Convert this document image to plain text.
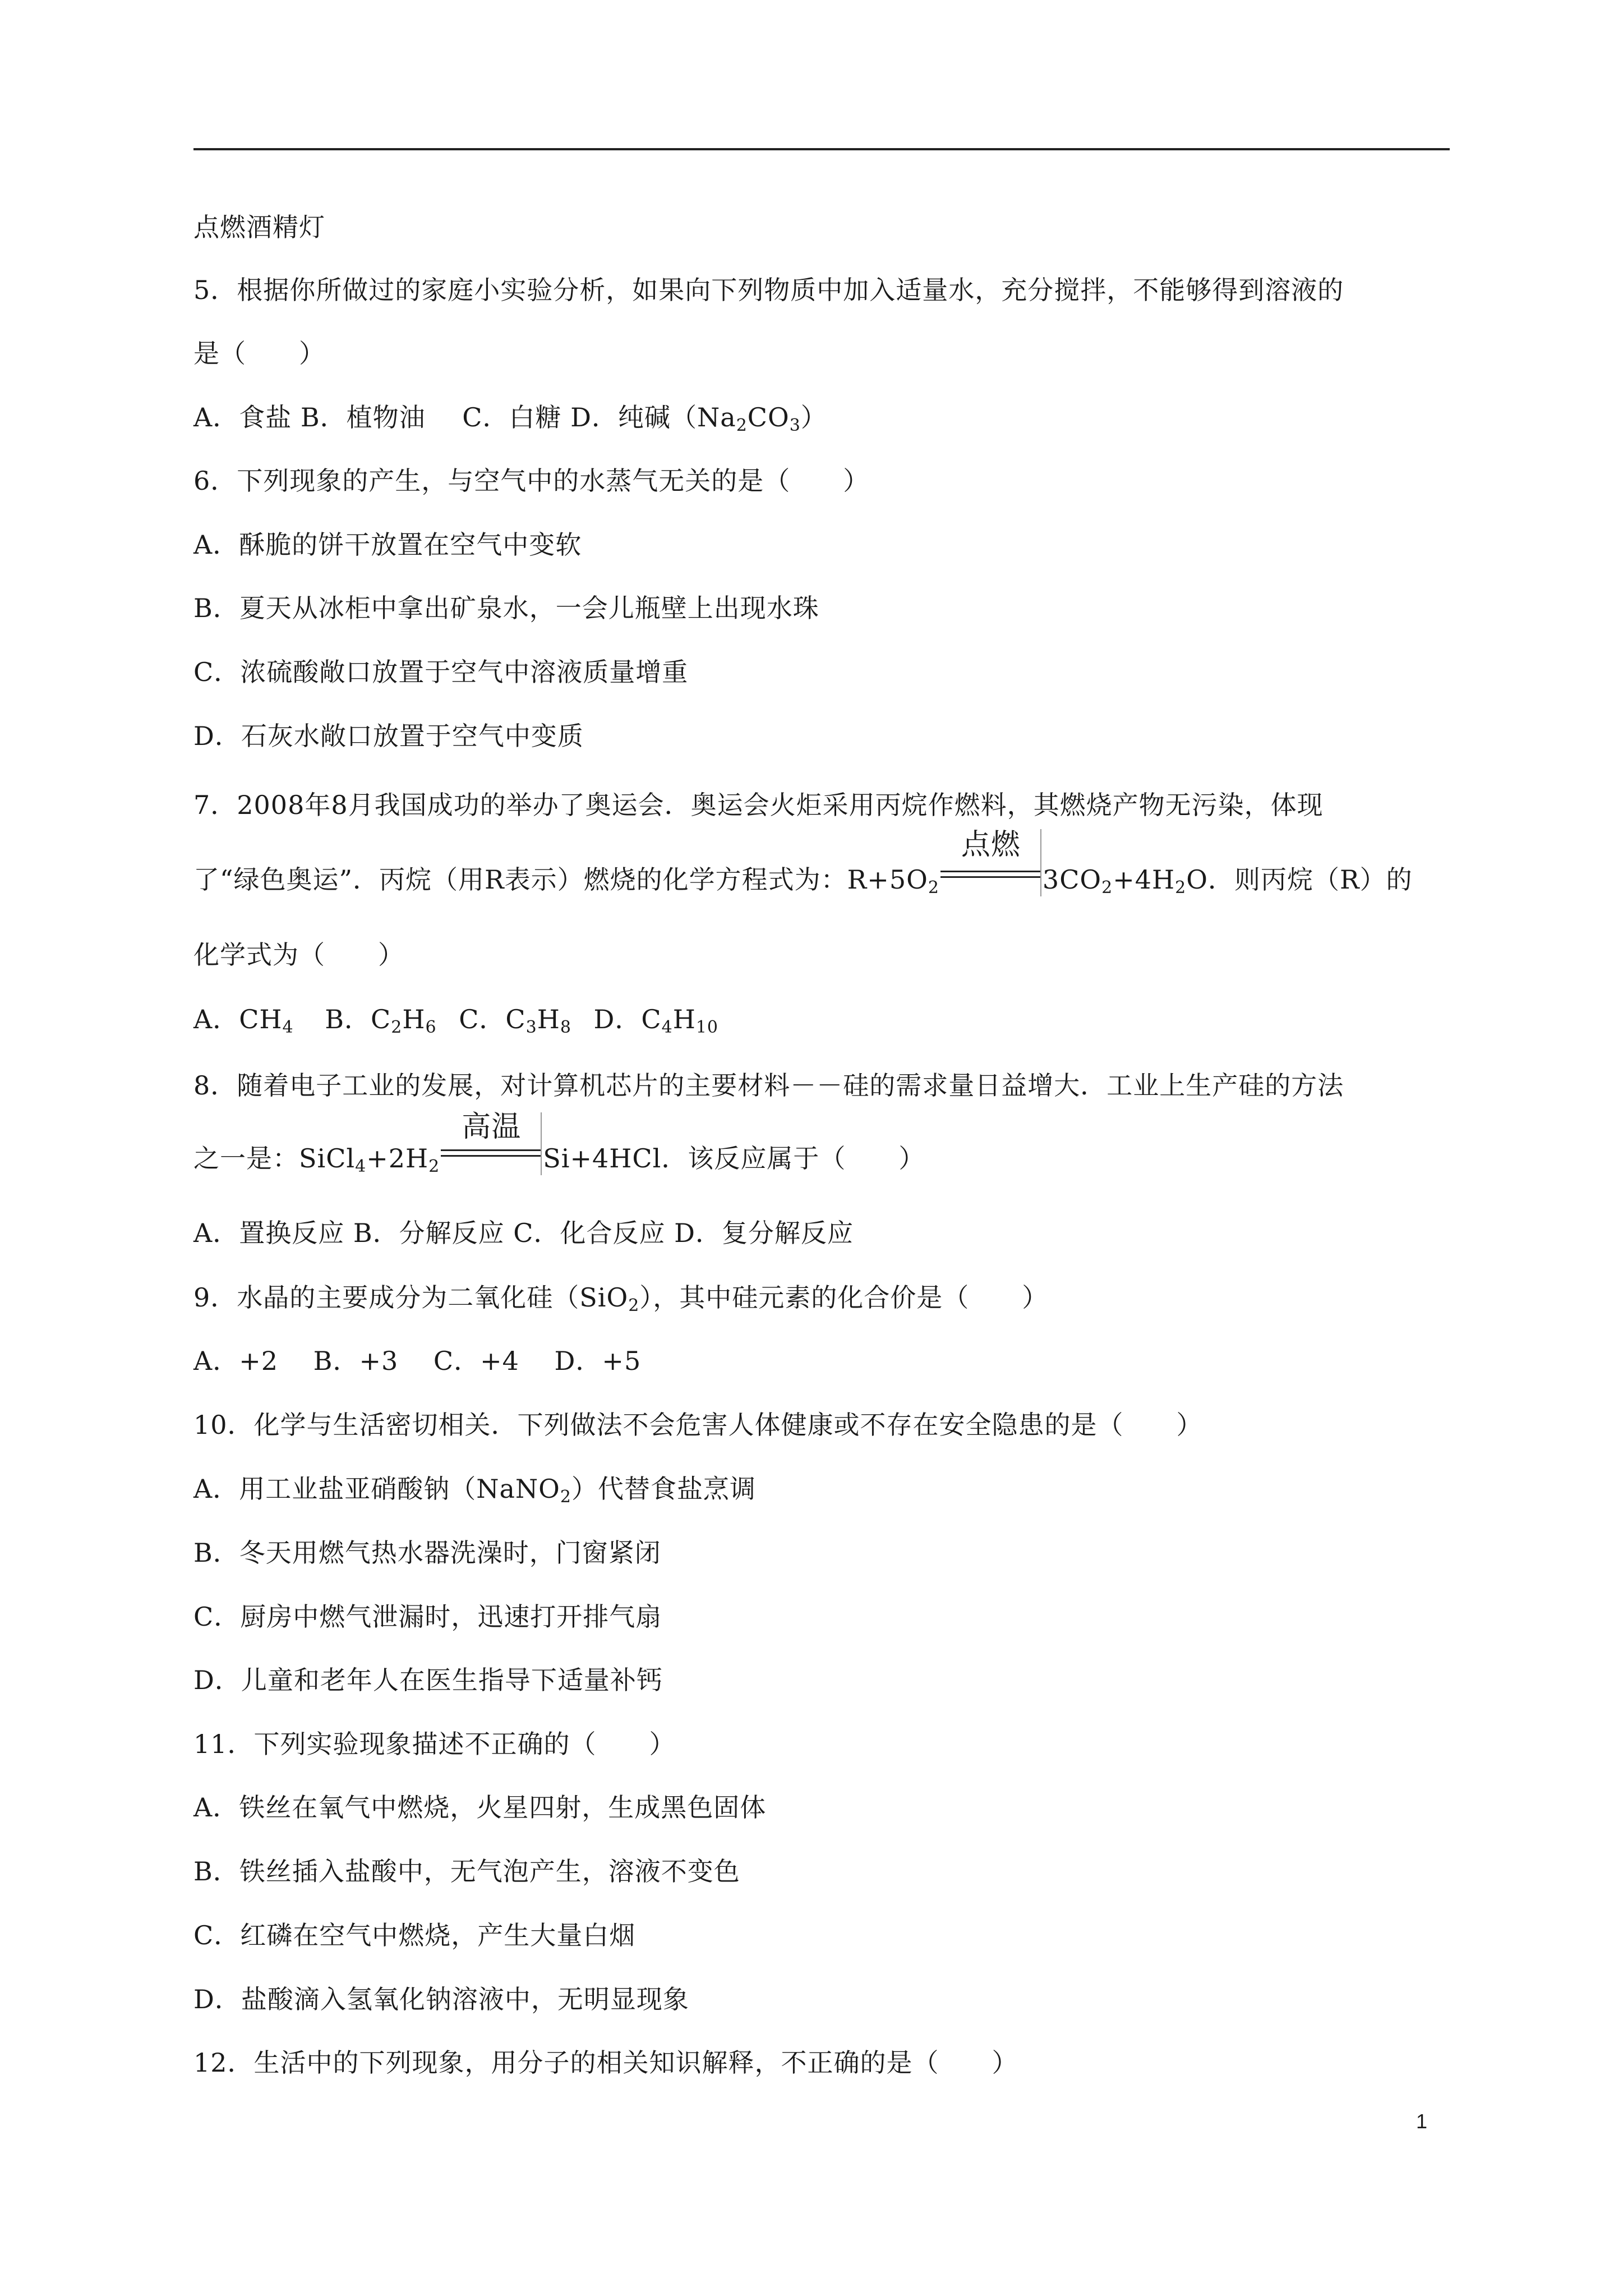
点燃酒精灯
5．根据你所做过的家庭小实验分析，如果向下列物质中加入适量水，充分搅拌，不能够得到溶液的
是（　　）
A．食盐 B．植物油 C．白糖 D．纯碱$(Na_2CO_3)$
6．下列现象的产生，与空气中的水蒸气无关的是（　　）
A．酥脆的饼干放置在空气中变软
B．夏天从冰柜中拿出矿泉水，一会儿瓶壁上出现水珠
C．浓硫酸敞口放置于空气中溶液质量增重
D．石灰水敞口放置于空气中变质
7．2008年8月我国成功的举办了奥运会．奥运会火炬采用丙烷作燃料，其燃烧产物无污染，体现
了“绿色奥运”．丙烷（用R表示）燃烧的化学方程式为：$R+5O_2$
点燃
$3CO_2+4H_2O$．则丙烷（R）的
化学式为（　　）
A．$CH_4$ B．$C_2H_6$ C．$C_3H_8$ D．$C_4H_{10}$
8．随着电子工业的发展，对计算机芯片的主要材料－－硅的需求量日益增大．工业上生产硅的方法
之一是：$SiCl_4+2H_2$
高温
Si+4HCl．该反应属于（　　）
A．置换反应 B．分解反应 C．化合反应 D．复分解反应
9．水晶的主要成分为二氧化硅（SiO$_2$），其中硅元素的化合价是（　　）
A．+2　 B．+3　 C．+4　 D．+5
10．化学与生活密切相关．下列做法不会危害人体健康或不存在安全隐患的是（　　）
A．用工业盐亚硝酸钠（NaNO$_2$）代替食盐烹调
B．冬天用燃气热水器洗澡时，门窗紧闭
C．厨房中燃气泄漏时，迅速打开排气扇
D．儿童和老年人在医生指导下适量补钙
11．下列实验现象描述不正确的（　　）
A．铁丝在氧气中燃烧，火星四射，生成黑色固体
B．铁丝插入盐酸中，无气泡产生，溶液不变色
C．红磷在空气中燃烧，产生大量白烟
D．盐酸滴入氢氧化钠溶液中，无明显现象
12．生活中的下列现象，用分子的相关知识解释，不正确的是（　　）
1
